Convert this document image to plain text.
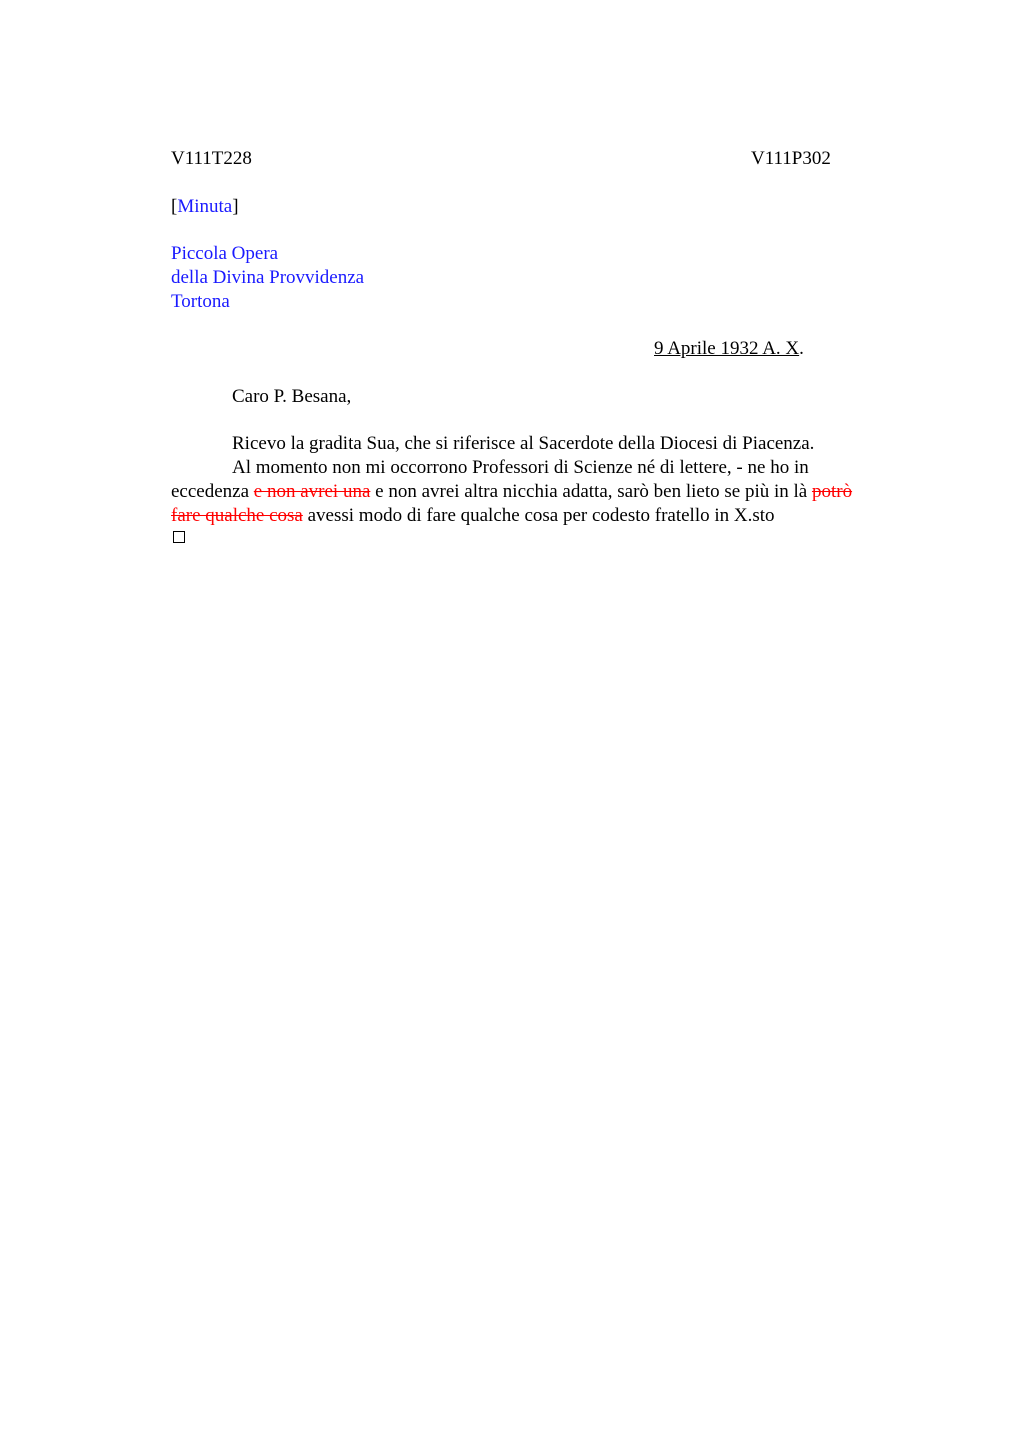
V111T228	V111P302
[Minuta]
Piccola Opera
della Divina Provvidenza
Tortona
9 Aprile 1932 A. X.
Caro P. Besana,
Ricevo la gradita Sua, che si riferisce al Sacerdote della Diocesi di Piacenza.
Al momento non mi occorrono Professori di Scienze né di lettere, - ne ho in
eccedenza e non avrei una e non avrei altra nicchia adatta, sarò ben lieto se più in là potrò
fare qualche cosa avessi modo di fare qualche cosa per codesto fratello in X.sto
